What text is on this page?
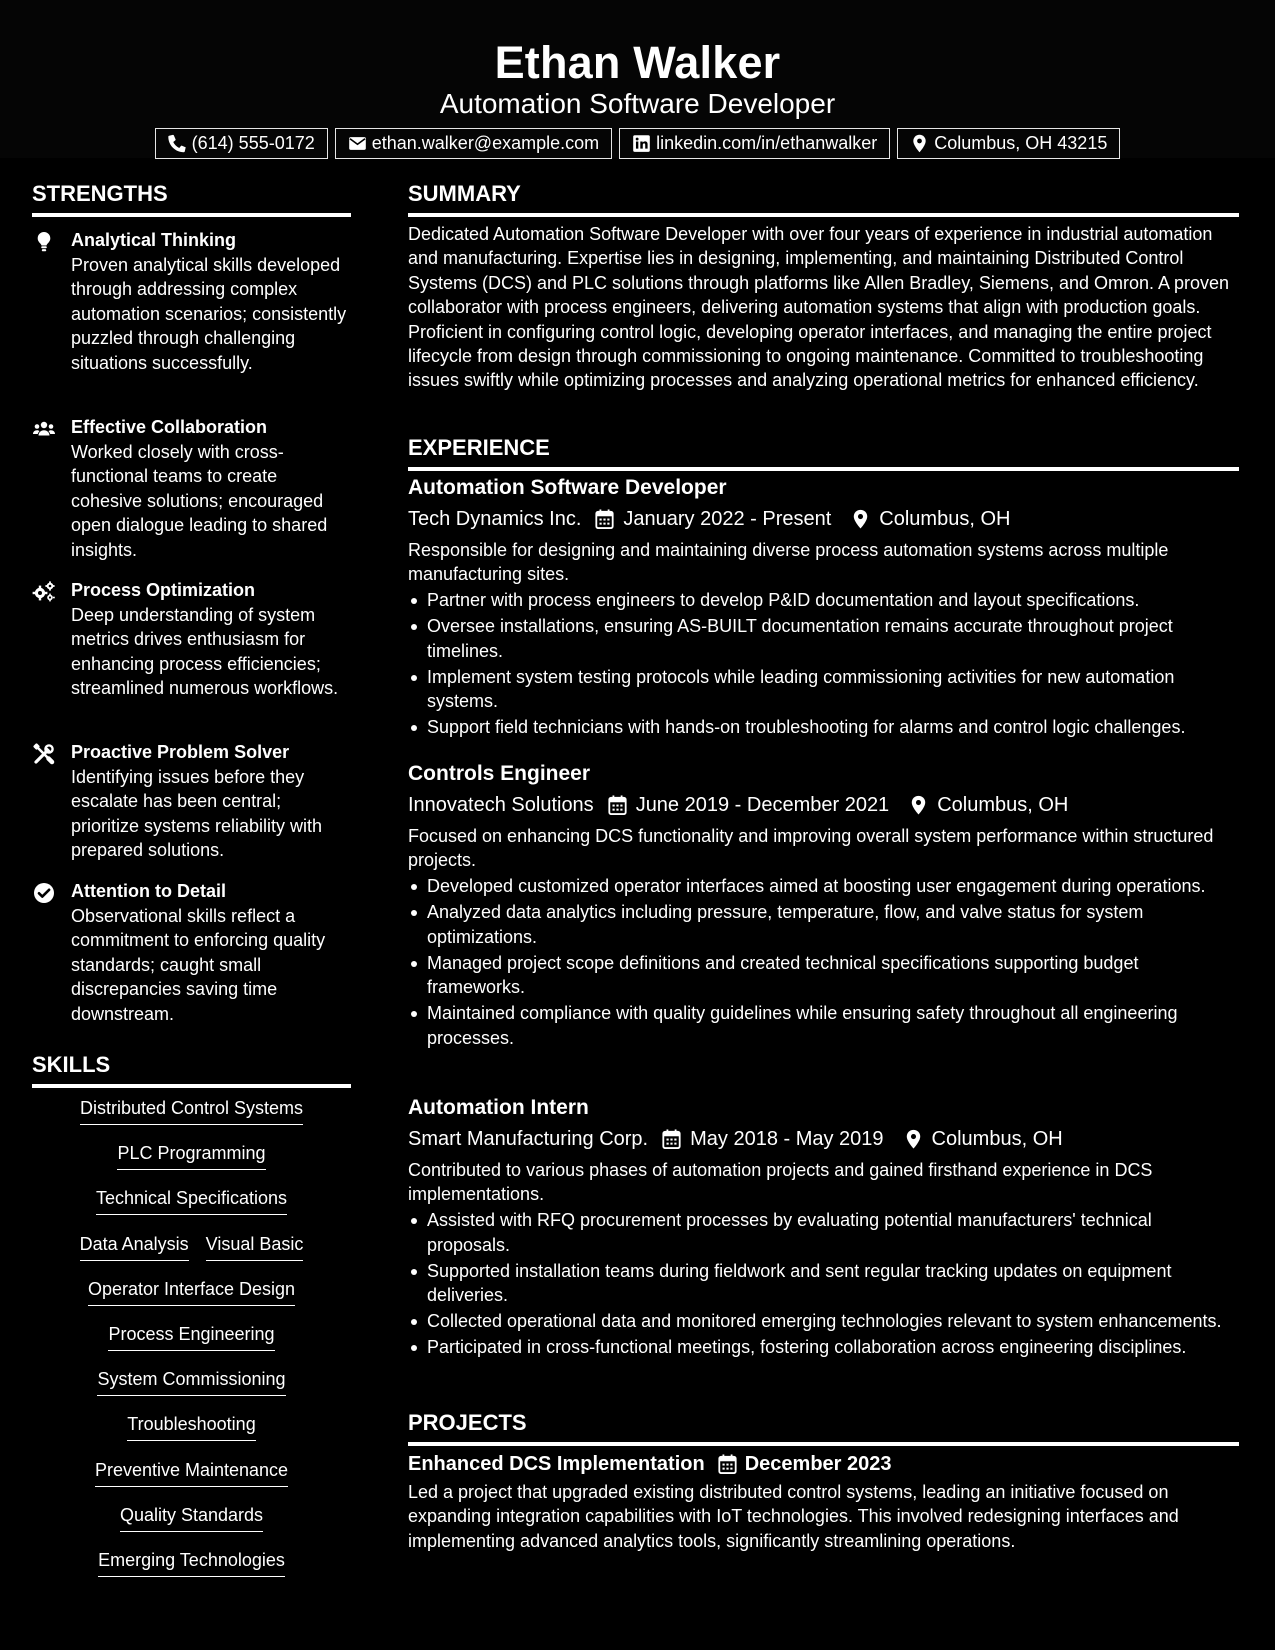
Ethan Walker
Automation Software Developer
(614) 555-0172	ethan.walker@example.com	linkedin.com/in/ethanwalker	Columbus, OH 43215
STRENGTHS
Analytical Thinking
Proven analytical skills developed through addressing complex automation scenarios; consistently puzzled through challenging situations successfully.
Effective Collaboration
Worked closely with cross-functional teams to create cohesive solutions; encouraged open dialogue leading to shared insights.
Process Optimization
Deep understanding of system metrics drives enthusiasm for enhancing process efficiencies; streamlined numerous workflows.
Proactive Problem Solver
Identifying issues before they escalate has been central; prioritize systems reliability with prepared solutions.
Attention to Detail
Observational skills reflect a commitment to enforcing quality standards; caught small discrepancies saving time downstream.
SKILLS
Distributed Control Systems
PLC Programming
Technical Specifications
Data Analysis Visual Basic
Operator Interface Design
Process Engineering
System Commissioning
Troubleshooting
Preventive Maintenance
Quality Standards
Emerging Technologies
SUMMARY
Dedicated Automation Software Developer with over four years of experience in industrial automation and manufacturing. Expertise lies in designing, implementing, and maintaining Distributed Control Systems (DCS) and PLC solutions through platforms like Allen Bradley, Siemens, and Omron. A proven collaborator with process engineers, delivering automation systems that align with production goals. Proficient in configuring control logic, developing operator interfaces, and managing the entire project lifecycle from design through commissioning to ongoing maintenance. Committed to troubleshooting issues swiftly while optimizing processes and analyzing operational metrics for enhanced efficiency.
EXPERIENCE
Automation Software Developer
Tech Dynamics Inc. January 2022 - Present Columbus, OH
Responsible for designing and maintaining diverse process automation systems across multiple manufacturing sites.
Partner with process engineers to develop P&ID documentation and layout specifications.
Oversee installations, ensuring AS-BUILT documentation remains accurate throughout project timelines.
Implement system testing protocols while leading commissioning activities for new automation systems.
Support field technicians with hands-on troubleshooting for alarms and control logic challenges.
Controls Engineer
Innovatech Solutions June 2019 - December 2021 Columbus, OH
Focused on enhancing DCS functionality and improving overall system performance within structured projects.
Developed customized operator interfaces aimed at boosting user engagement during operations.
Analyzed data analytics including pressure, temperature, flow, and valve status for system optimizations.
Managed project scope definitions and created technical specifications supporting budget frameworks.
Maintained compliance with quality guidelines while ensuring safety throughout all engineering processes.
Automation Intern
Smart Manufacturing Corp. May 2018 - May 2019 Columbus, OH
Contributed to various phases of automation projects and gained firsthand experience in DCS implementations.
Assisted with RFQ procurement processes by evaluating potential manufacturers' technical proposals.
Supported installation teams during fieldwork and sent regular tracking updates on equipment deliveries.
Collected operational data and monitored emerging technologies relevant to system enhancements.
Participated in cross-functional meetings, fostering collaboration across engineering disciplines.
PROJECTS
Enhanced DCS Implementation December 2023
Led a project that upgraded existing distributed control systems, leading an initiative focused on expanding integration capabilities with IoT technologies. This involved redesigning interfaces and implementing advanced analytics tools, significantly streamlining operations.
